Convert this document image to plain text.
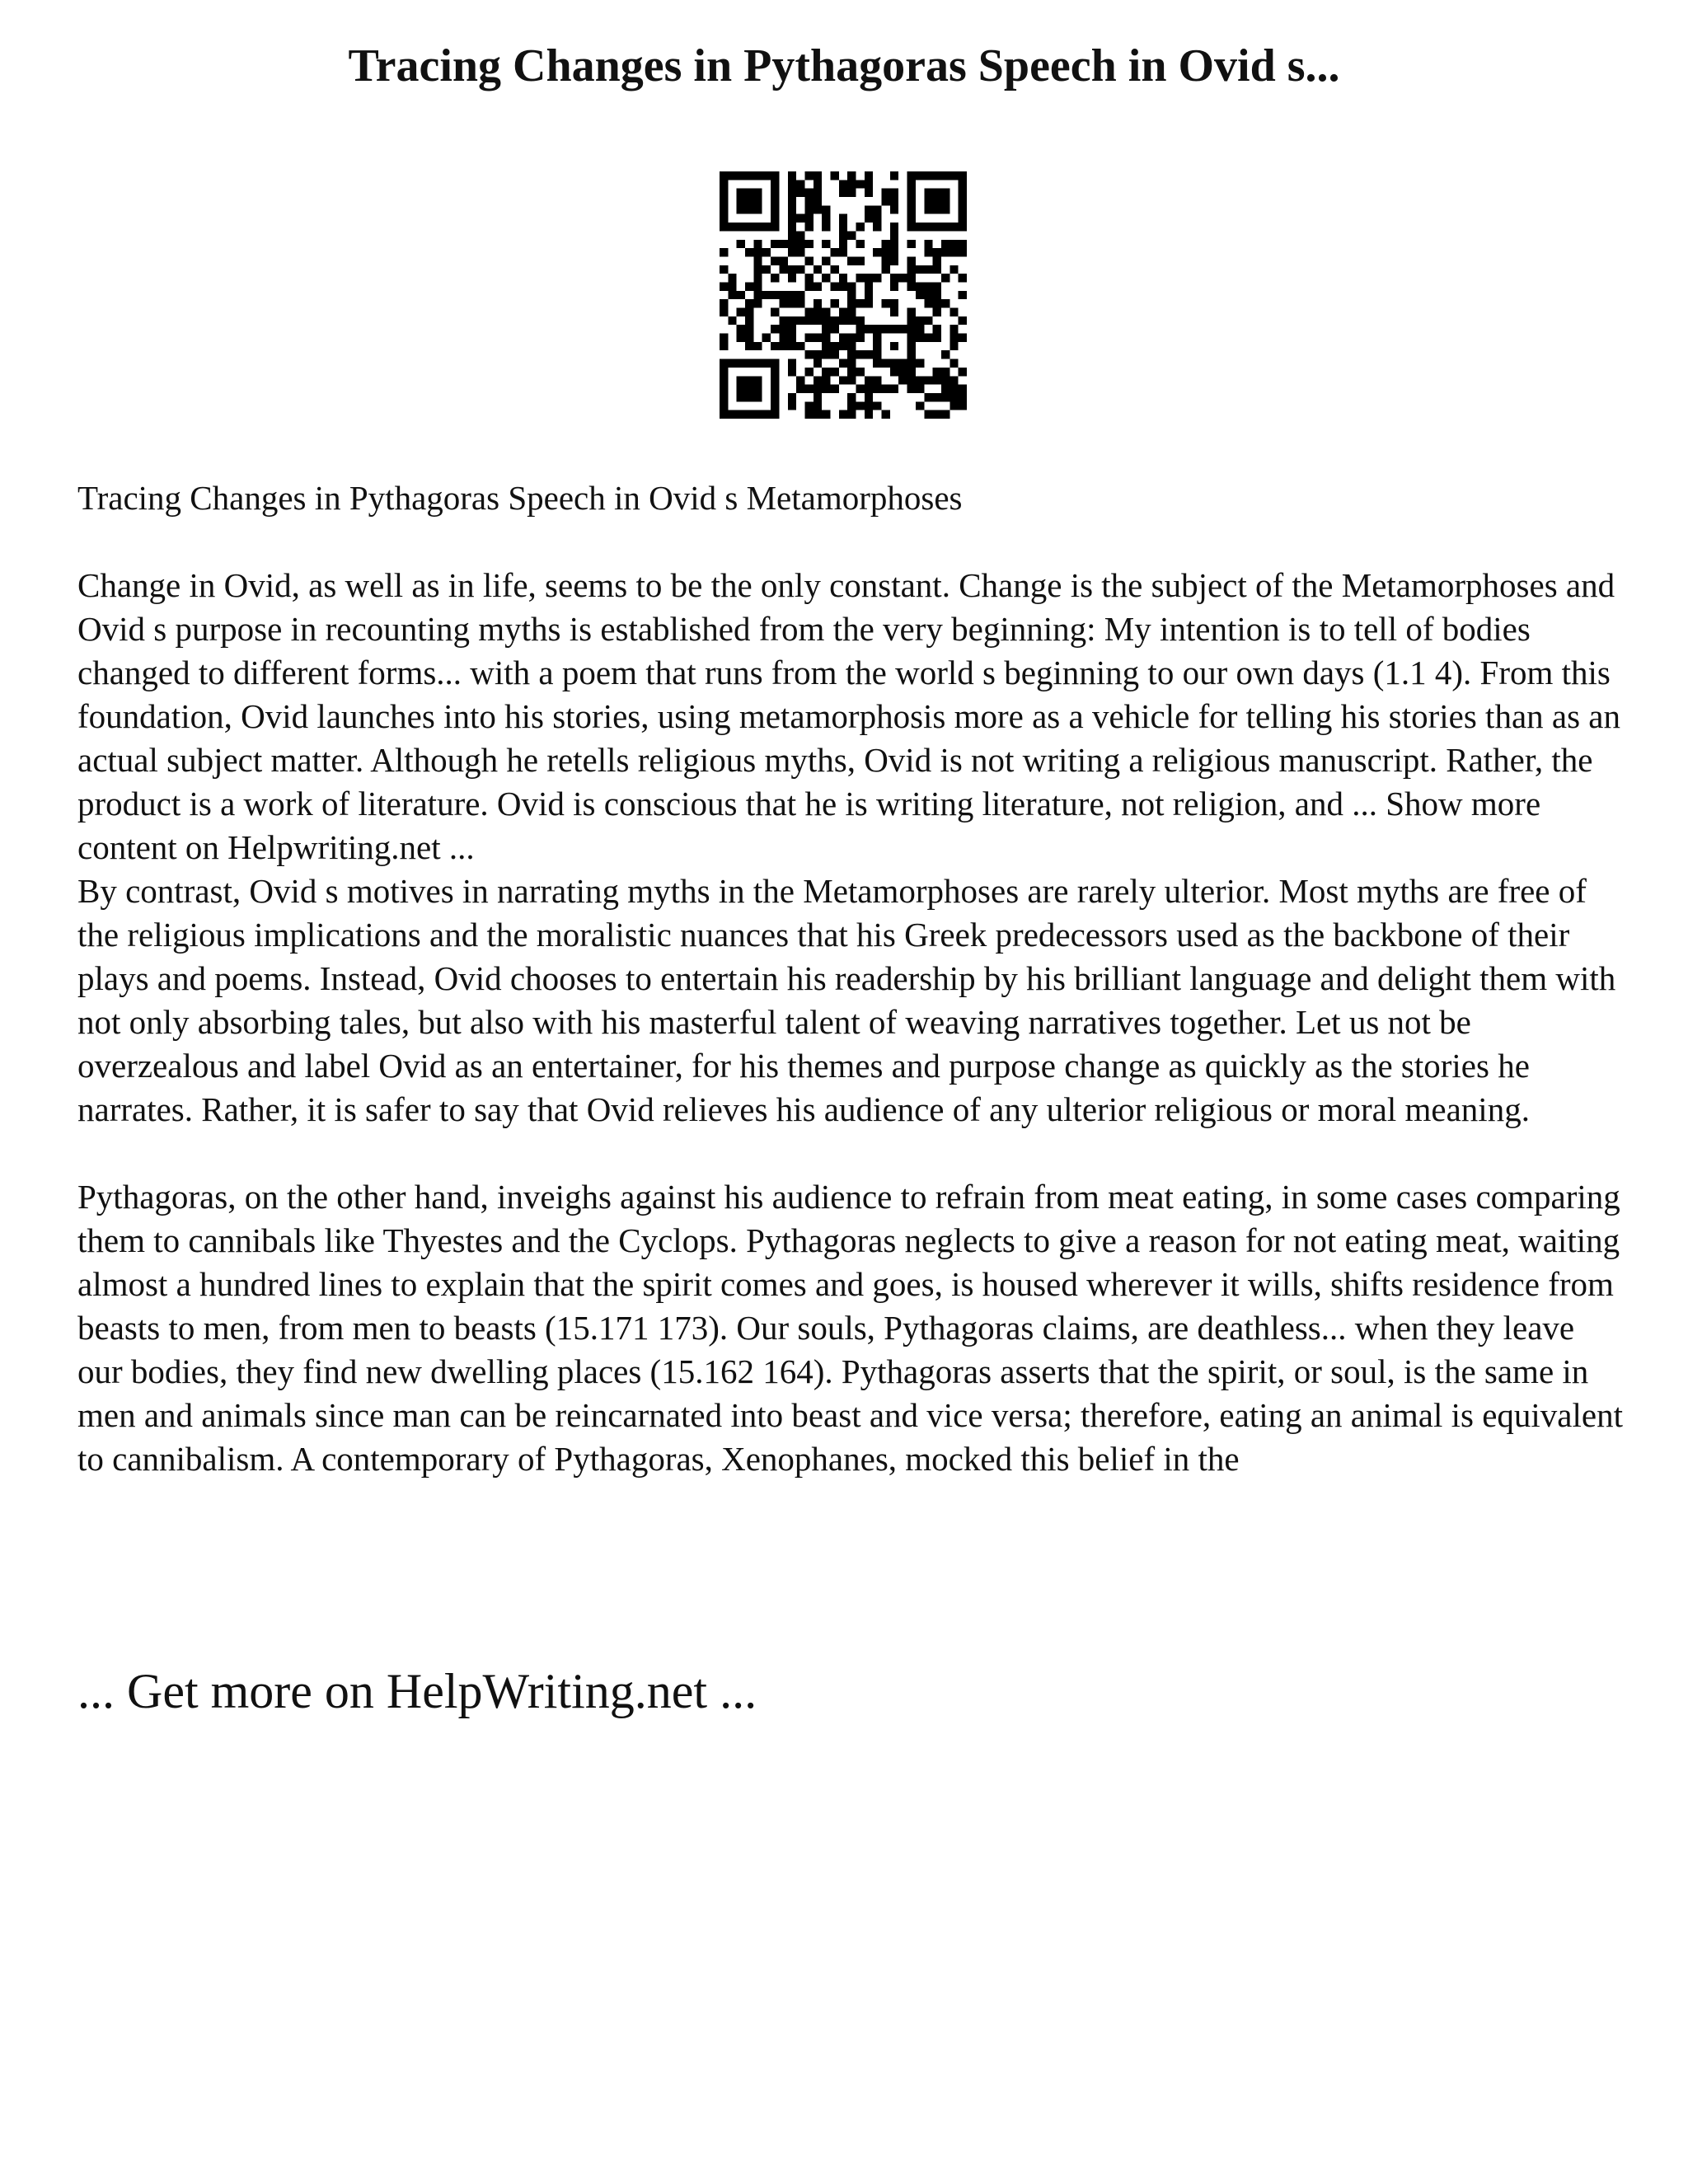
Tracing Changes in Pythagoras Speech in Ovid s...

Tracing Changes in Pythagoras Speech in Ovid s Metamorphoses

Change in Ovid, as well as in life, seems to be the only constant. Change is the subject of the Metamorphoses and Ovid s purpose in recounting myths is established from the very beginning: My intention is to tell of bodies changed to different forms... with a poem that runs from the world s beginning to our own days (1.1 4). From this foundation, Ovid launches into his stories, using metamorphosis more as a vehicle for telling his stories than as an actual subject matter. Although he retells religious myths, Ovid is not writing a religious manuscript. Rather, the product is a work of literature. Ovid is conscious that he is writing literature, not religion, and ... Show more content on Helpwriting.net ...

By contrast, Ovid s motives in narrating myths in the Metamorphoses are rarely ulterior. Most myths are free of the religious implications and the moralistic nuances that his Greek predecessors used as the backbone of their plays and poems. Instead, Ovid chooses to entertain his readership by his brilliant language and delight them with not only absorbing tales, but also with his masterful talent of weaving narratives together. Let us not be overzealous and label Ovid as an entertainer, for his themes and purpose change as quickly as the stories he narrates. Rather, it is safer to say that Ovid relieves his audience of any ulterior religious or moral meaning.

Pythagoras, on the other hand, inveighs against his audience to refrain from meat eating, in some cases comparing them to cannibals like Thyestes and the Cyclops. Pythagoras neglects to give a reason for not eating meat, waiting almost a hundred lines to explain that the spirit comes and goes, is housed wherever it wills, shifts residence from beasts to men, from men to beasts (15.171 173). Our souls, Pythagoras claims, are deathless... when they leave our bodies, they find new dwelling places (15.162 164). Pythagoras asserts that the spirit, or soul, is the same in men and animals since man can be reincarnated into beast and vice versa; therefore, eating an animal is equivalent to cannibalism. A contemporary of Pythagoras, Xenophanes, mocked this belief in the

... Get more on HelpWriting.net ...
